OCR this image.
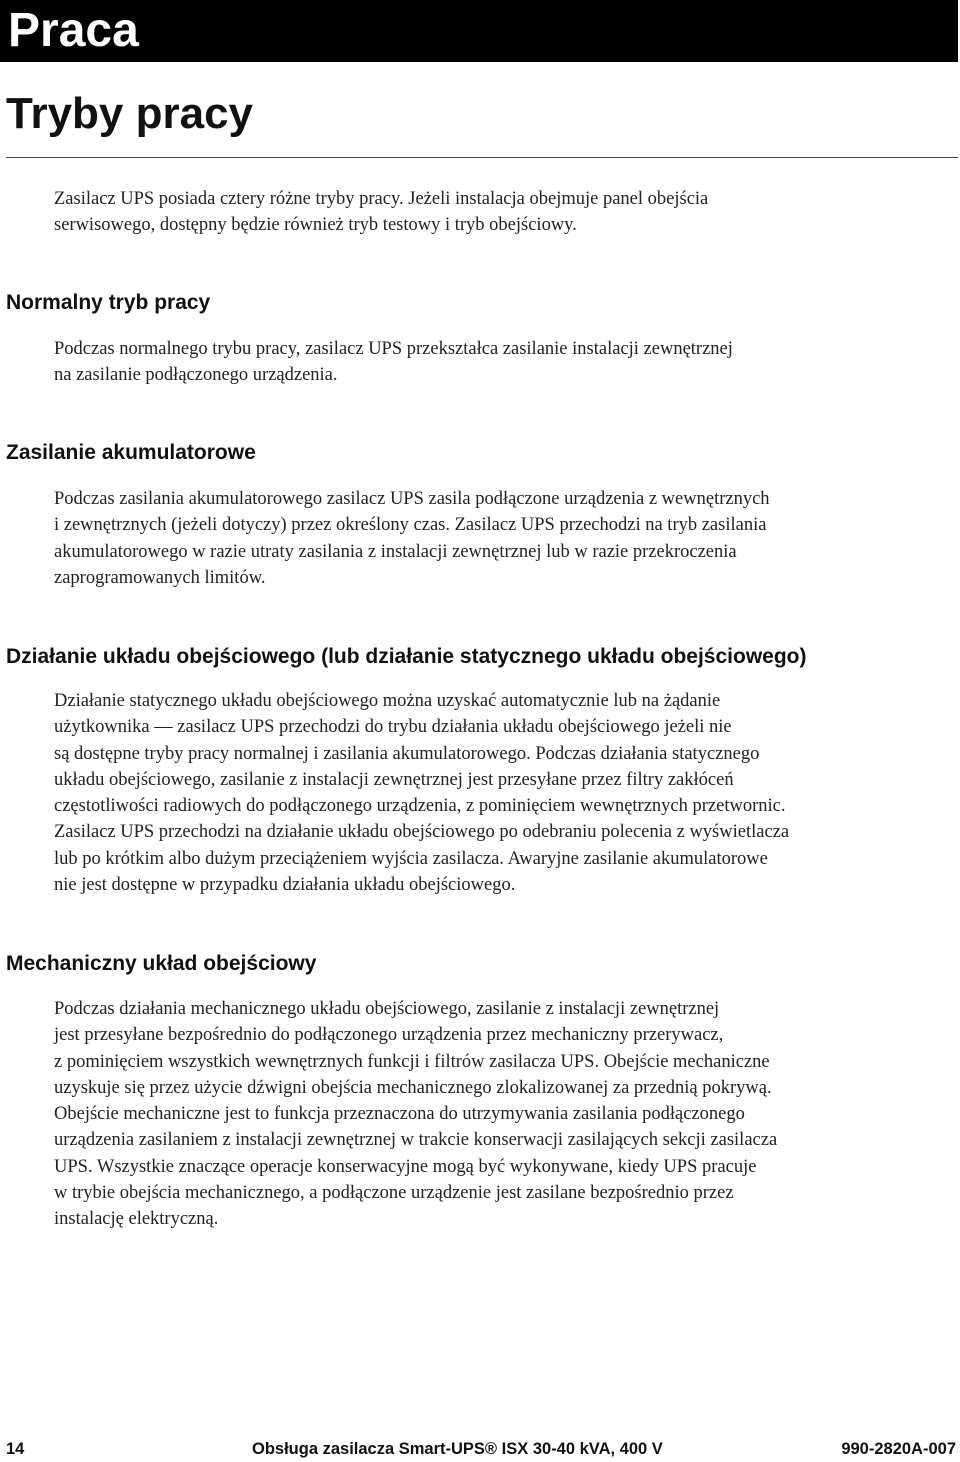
Praca
Tryby pracy

Zasilacz UPS posiada cztery różne tryby pracy. Jeżeli instalacja obejmuje panel obejścia
serwisowego, dostępny będzie również tryb testowy i tryb obejściowy.

Normalny tryb pracy

Podczas normalnego trybu pracy, zasilacz UPS przekształca zasilanie instalacji zewnętrznej
na zasilanie podłączonego urządzenia.

Zasilanie akumulatorowe

Podczas zasilania akumulatorowego zasilacz UPS zasila podłączone urządzenia z wewnętrznych
i zewnętrznych (jeżeli dotyczy) przez określony czas. Zasilacz UPS przechodzi na tryb zasilania
akumulatorowego w razie utraty zasilania z instalacji zewnętrznej lub w razie przekroczenia
zaprogramowanych limitów.

Działanie układu obejściowego (lub działanie statycznego układu obejściowego)

Działanie statycznego układu obejściowego można uzyskać automatycznie lub na żądanie
użytkownika — zasilacz UPS przechodzi do trybu działania układu obejściowego jeżeli nie
są dostępne tryby pracy normalnej i zasilania akumulatorowego. Podczas działania statycznego
układu obejściowego, zasilanie z instalacji zewnętrznej jest przesyłane przez filtry zakłóceń
częstotliwości radiowych do podłączonego urządzenia, z pominięciem wewnętrznych przetwornic.
Zasilacz UPS przechodzi na działanie układu obejściowego po odebraniu polecenia z wyświetlacza
lub po krótkim albo dużym przeciążeniem wyjścia zasilacza. Awaryjne zasilanie akumulatorowe
nie jest dostępne w przypadku działania układu obejściowego.

Mechaniczny układ obejściowy

Podczas działania mechanicznego układu obejściowego, zasilanie z instalacji zewnętrznej
jest przesyłane bezpośrednio do podłączonego urządzenia przez mechaniczny przerywacz,
z pominięciem wszystkich wewnętrznych funkcji i filtrów zasilacza UPS. Obejście mechaniczne
uzyskuje się przez użycie dźwigni obejścia mechanicznego zlokalizowanej za przednią pokrywą.
Obejście mechaniczne jest to funkcja przeznaczona do utrzymywania zasilania podłączonego
urządzenia zasilaniem z instalacji zewnętrznej w trakcie konserwacji zasilających sekcji zasilacza
UPS. Wszystkie znaczące operacje konserwacyjne mogą być wykonywane, kiedy UPS pracuje
w trybie obejścia mechanicznego, a podłączone urządzenie jest zasilane bezpośrednio przez
instalację elektryczną.

14	Obsługa zasilacza Smart-UPS® ISX 30-40 kVA, 400 V	990-2820A-007
